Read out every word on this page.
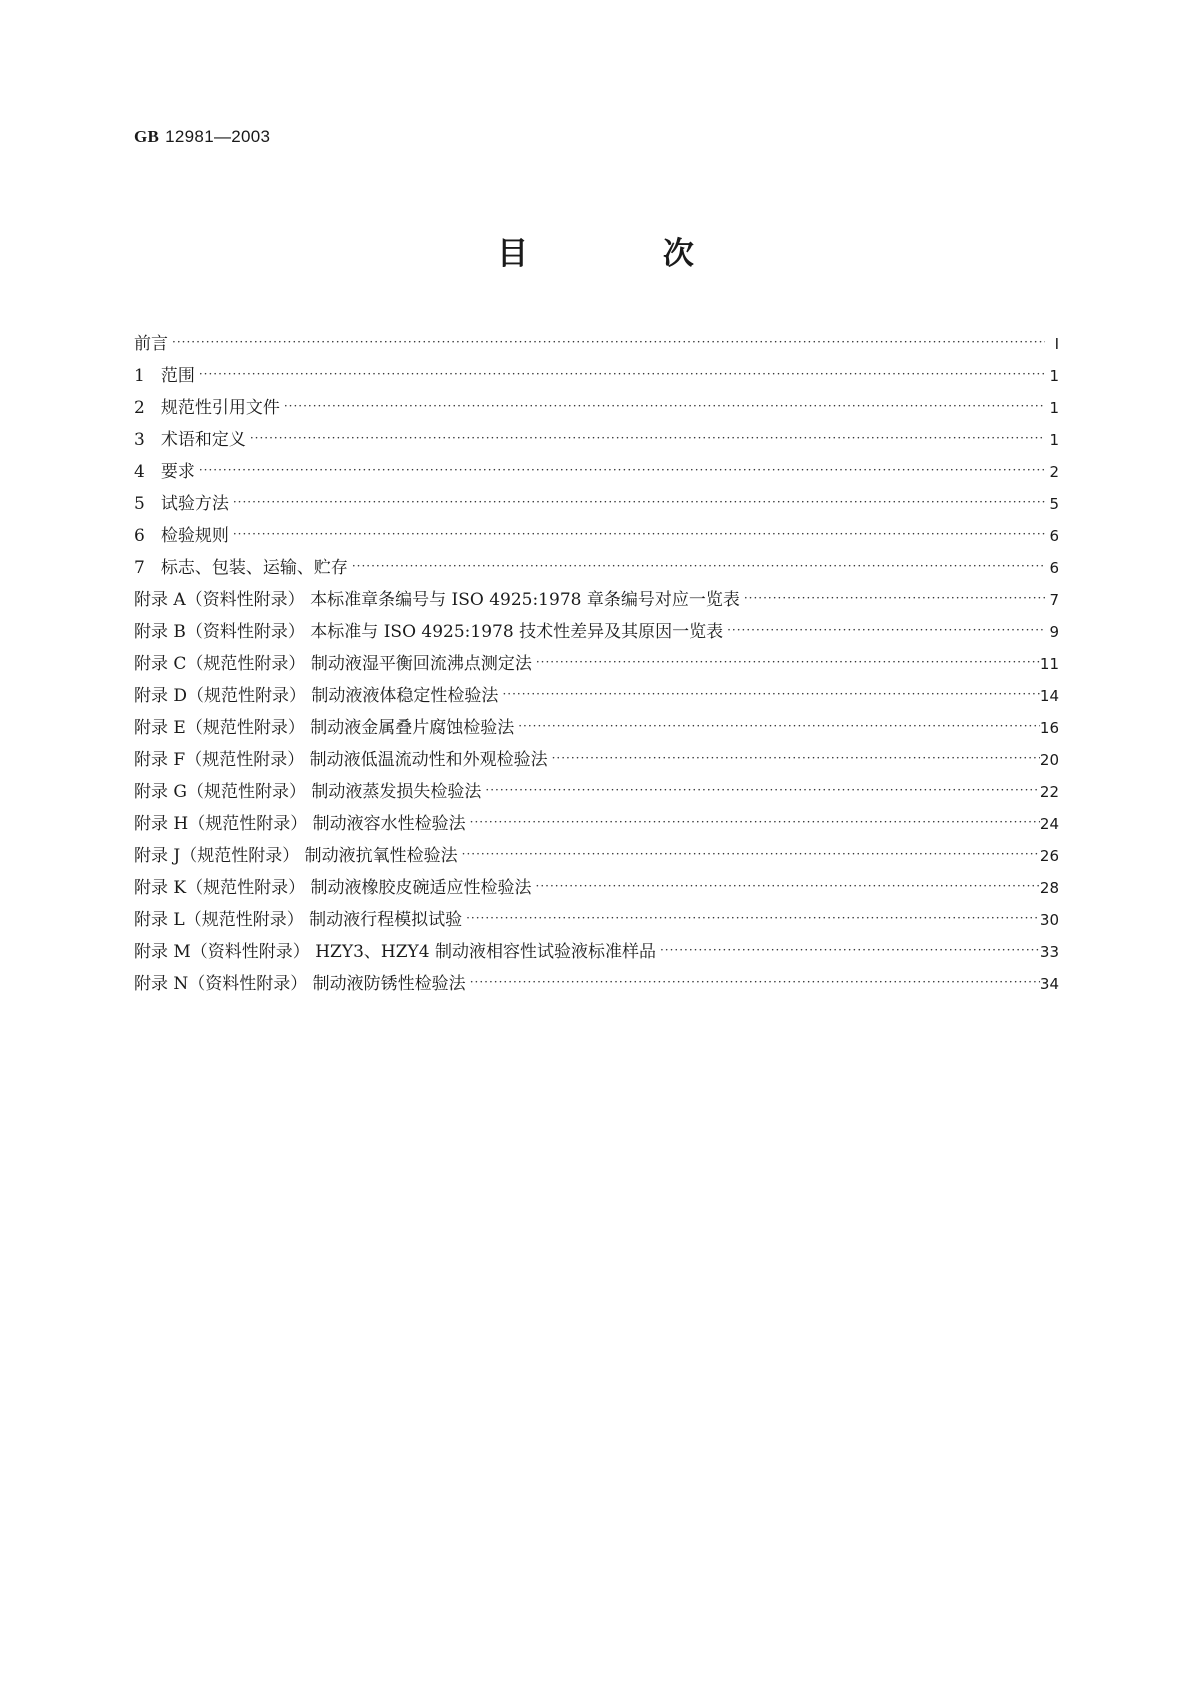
GB 12981—2003
目 次
前言 ·····	I
1 范围 ·····	1
2 规范性引用文件 ·····	1
3 术语和定义 ·····	1
4 要求 ·····	2
5 试验方法 ·····	5
6 检验规则 ·····	6
7 标志、包装、运输、贮存 ·····	6
附录 A（资料性附录） 本标准章条编号与 ISO 4925:1978 章条编号对应一览表 ·····	7
附录 B（资料性附录） 本标准与 ISO 4925:1978 技术性差异及其原因一览表 ·····	9
附录 C（规范性附录） 制动液湿平衡回流沸点测定法 ·····	11
附录 D（规范性附录） 制动液液体稳定性检验法 ·····	14
附录 E（规范性附录） 制动液金属叠片腐蚀检验法 ·····	16
附录 F（规范性附录） 制动液低温流动性和外观检验法 ·····	20
附录 G（规范性附录） 制动液蒸发损失检验法 ·····	22
附录 H（规范性附录） 制动液容水性检验法 ·····	24
附录 J（规范性附录） 制动液抗氧性检验法 ·····	26
附录 K（规范性附录） 制动液橡胶皮碗适应性检验法 ·····	28
附录 L（规范性附录） 制动液行程模拟试验 ·····	30
附录 M（资料性附录） HZY3、HZY4 制动液相容性试验液标准样品 ·····	33
附录 N（资料性附录） 制动液防锈性检验法 ·····	34
